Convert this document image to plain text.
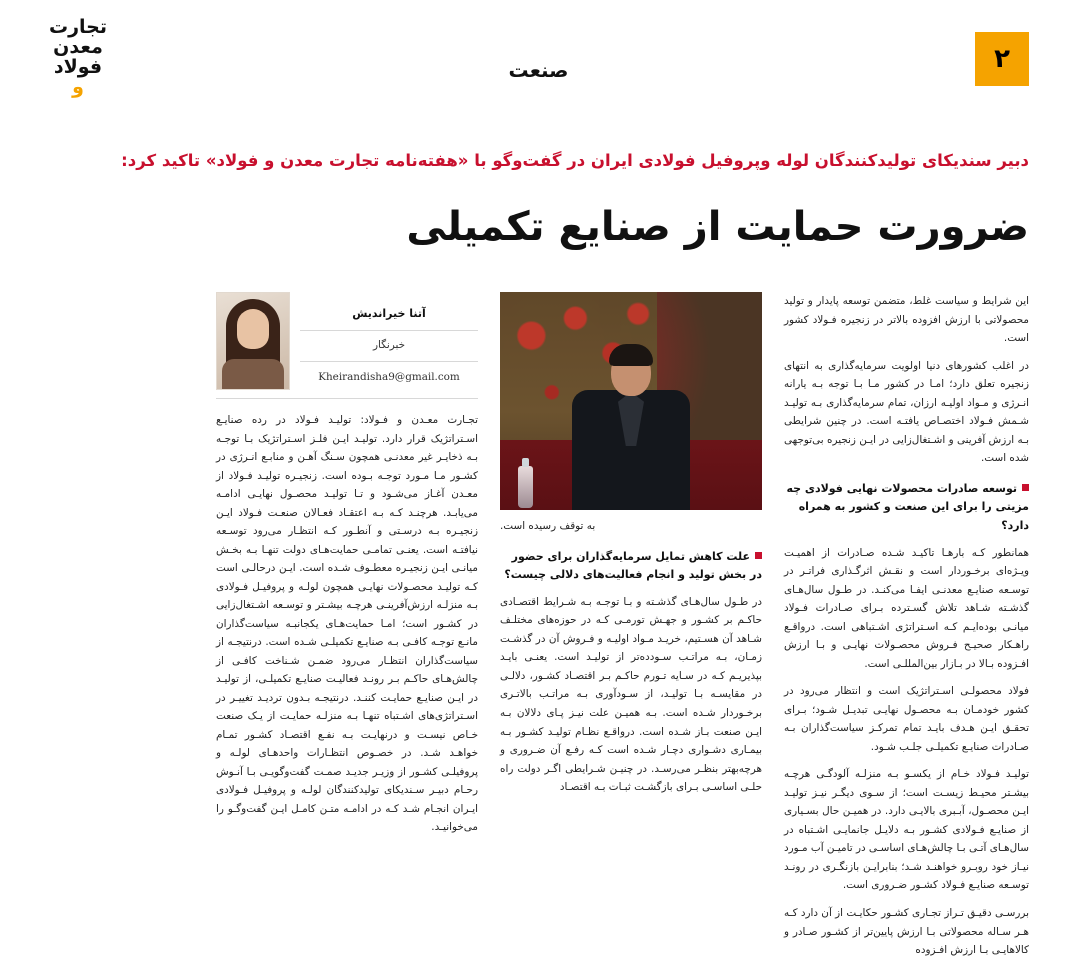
۲
صنعت
تجارت
معدن
فولاد
و
دبیر سندیکای تولیدکنندگان لوله وپروفیل فولادی ایران در گفت‌وگو با «هفته‌نامه تجارت معدن و فولاد» تاکید کرد:
ضرورت حمایت از صنایع تکمیلی

این شرایط و سیاست غلط، متضمن توسعه پایدار و تولید محصولاتی با ارزش افزوده بالاتر در زنجیره فـولاد کشور است.

در اغلب کشورهای دنیا اولویت سرمایه‌گذاری به انتهای زنجیره تعلق دارد؛ امـا در کشور مـا بـا توجه بـه یارانه انـرژی و مـواد اولیـه ارزان، تمام سرمایه‌گذاری بـه تولیـد شـمش فـولاد اختصـاص یافتـه است. در چنین شرایطی بـه ارزش آفرینی و اشـتغال‌زایی در ایـن زنجیره بی‌توجهی شده است.

توسعه صادرات محصولات نهایی فولادی چه مزیتی را برای این صنعت و کشور به همراه دارد؟

همانطور کـه بارهـا تاکیـد شـده صـادرات از اهمیـت ویـژه‌ای برخـوردار است و نقـش اثرگـذاری فراتـر در توسـعه صنایـع معدنـی ایفـا می‌کنـد. در طـول سال‌هـای گذشـته شـاهد تلاش گسـترده بـرای صـادرات فـولاد میانـی بوده‌ایـم کـه اسـتراتژی اشـتباهی است. درواقـع راهـکار صحیـح فـروش محصـولات نهایـی و بـا ارزش افـزوده بـالا در بـازار بین‌المللـی است.

فولاد محصولـی اسـتراتژیک است و انتظار می‌رود در کشور خودمـان بـه محصـول نهایـی تبدیـل شـود؛ بـرای تحقـق ایـن هـدف بایـد تمام تمرکـز سیاست‌گذاران بـه صـادرات صنایـع تکمیلـی جلـب شـود.

تولیـد فـولاد خـام از یکسـو بـه منزلـه آلودگـی هرچـه بیشـتر محیـط زیسـت است؛ از سـوی دیگـر نیـز تولیـد ایـن محصـول، آبـبری بالایـی دارد. در همیـن حال بسـیاری از صنایـع فـولادی کشـور بـه دلایـل جانمایـی اشـتباه در سال‌هـای آتـی بـا چالش‌هـای اساسـی در تامیـن آب مـورد نیـاز خود روبـرو خواهنـد شـد؛ بنابرایـن بازنگـری در رونـد توسـعه صنایـع فـولاد کشـور ضـروری است.

بررسـی دقیـق تـراز تجـاری کشـور حکایـت از آن دارد کـه هـر سـاله محصولاتی بـا ارزش پایین‌تر از کشـور صـادر و کالاهایـی بـا ارزش افـزوده

به توقف رسیده است.
علت کاهش تمایل سرمایه‌گذاران برای حضور در بخش تولید و انجام فعالیت‌های دلالی چیست؟

در طـول سال‌هـای گذشـته و بـا توجـه بـه شـرایط اقتصـادی حاکـم بر کشـور و جهـش تورمـی کـه در حوزه‌های مختلـف شـاهد آن هسـتیم، خریـد مـواد اولیـه و فـروش آن در گذشـت زمـان، بـه مراتـب سـودده‌تر از تولیـد است. یعنـی بایـد بپذیریـم کـه در سـایه تـورم حاکـم بـر اقتصـاد کشـور، دلالـی در مقایسـه بـا تولیـد، از سـودآوری بـه مراتـب بالاتـری برخـوردار شـده است. بـه همیـن علت نیـز پـای دلالان بـه ایـن صنعت بـاز شـده است. درواقـع نظـام تولیـد کشـور بـه بیمـاری دشـواری دچـار شـده است کـه رفـع آن ضـروری و هرچه‌بهتر بنظـر می‌رسـد. در چنیـن شـرایطی اگـر دولت راه حلـی اساسـی بـرای بازگشـت ثبـات بـه اقتصـاد

آتنا خیراندیش
خبرنگار
Kheirandisha9@gmail.com

تجـارت معـدن و فـولاد: تولیـد فـولاد در رده صنایـع اسـتراتژیک قرار دارد. تولیـد ایـن فلـز اسـتراتژیک بـا توجـه بـه ذخایـر غیر معدنـی همچون سـنگ آهـن و منابـع انـرژی در کشـور مـا مـورد توجـه بـوده است. زنجیـره تولیـد فـولاد از معـدن آغـاز می‌شـود و تـا تولیـد محصـول نهایـی ادامـه می‌یابـد. هرچنـد کـه بـه اعتقـاد فعـالان صنعـت فـولاد ایـن زنجیـره بـه درسـتی و آنطـور کـه انتظـار می‌رود توسـعه نیافتـه است. یعنـی تمامـی حمایت‌هـای دولت تنهـا بـه بخـش میانـی ایـن زنجیـره معطـوف شـده است. ایـن درحالـی است کـه تولیـد محصـولات نهایـی همچون لولـه و پروفیـل فـولادی بـه منزلـه ارزش‌آفرینـی هرچـه بیشـتر و توسـعه اشـتغال‌زایی در کشـور است؛ امـا حمایت‌هـای یکجانبـه سیاست‌گذاران مانـع توجـه کافـی بـه صنایـع تکمیلـی شـده است. درنتیجـه از سیاست‌گذاران انتظـار می‌رود ضمـن شـناخت کافـی از چالش‌هـای حاکـم بـر رونـد فعالیـت صنایـع تکمیلـی، از تولیـد در ایـن صنایـع حمایـت کننـد. درنتیجـه بـدون تردیـد تغییـر در اسـتراتژی‌های اشـتباه تنهـا بـه منزلـه حمایـت از یـک صنعت خـاص نیسـت و درنهایـت بـه نفـع اقتصـاد کشـور تمـام خواهـد شـد. در خصـوص انتظـارات واحدهـای لولـه و پروفیلـی کشـور از وزیـر جدیـد صمـت گفت‌وگویـی بـا آنـوش رحـام دبیـر سـندیکای تولیدکنندگان لولـه و پروفیـل فـولادی ایـران انجـام شـد کـه در ادامـه متـن کامـل ایـن گفت‌وگـو را می‌خوانیـد.
